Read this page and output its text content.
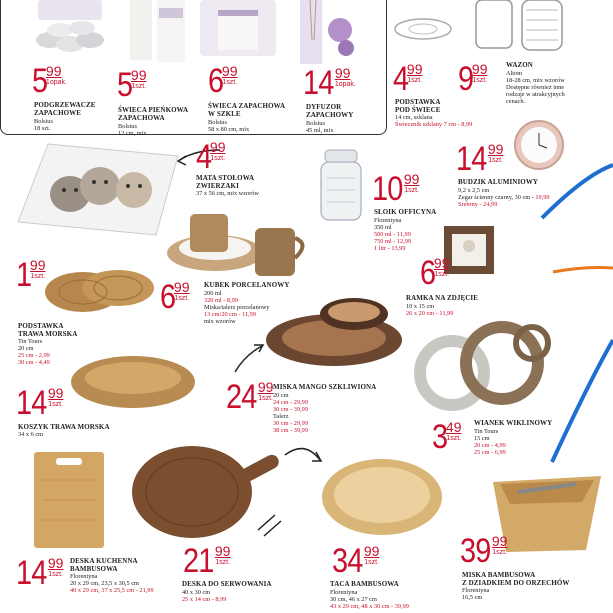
5
99
1opak.
PODGRZEWACZE
ZAPACHOWE
Bolsius
18 szt.
5
99
1szt.
ŚWIECA PIEŃKOWA
ZAPACHOWA
Bolsius
12 cm, mix
6
99
1szt.
ŚWIECA ZAPACHOWA
W SZKLE
Bolsius
58 x 80 cm, mix
14 99
1opak.
DYFUZOR
ZAPACHOWY
Bolsius
45 ml, mix
4
99
1szt.
PODSTAWKA
POD ŚWIECE
14 cm, szklana
Świecznik szklany 7 cm - 8,99
9
99
1szt.
WAZON
Altom
18-28 cm, mix wzorów
Dostępne również inne
rodzaje w atrakcyjnych
cenach.
4
99
1szt.
MATA STOŁOWA
ZWIERZAKI
37 x 56 cm, mix wzorów
14 99
1szt.
BUDZIK ALUMINIOWY
9,2 x 2,5 cm
Zegar ścienny czarny, 30 cm - 19,99
Srebrny - 24,99
10 99
1szt.
SŁOIK OFFICYNA
Florentyna
350 ml
500 ml - 11,99
750 ml - 12,99
1 litr - 13,99
1
99
1szt.
PODSTAWKA
TRAWA MORSKA
Tin Tours
20 cm
25 cm - 2,99
30 cm - 4,49
6
99
1szt.
KUBEK PORCELANOWY
200 ml
320 ml - 8,99
Miska/talerz porcelanowy
13 cm/20 cm - 11,99
mix wzorów
6
99
1szt.
RAMKA NA ZDJĘCIE
10 x 15 cm
26 x 20 cm - 11,99
14 99
1szt.
KOSZYK TRAWA MORSKA
34 x 6 cm
24 99
1szt.
MISKA MANGO SZKLIWIONA
20 cm
24 cm - 29,99
30 cm - 39,99
Talerz
30 cm - 29,99
38 cm - 39,99	3
49
1szt.
WIANEK WIKLINOWY
Tin Tours
15 cm
20 cm - 4,99
25 cm - 6,99
14 99
1szt.
DESKA KUCHENNA
BAMBUSOWA
Florentyna
20 x 29 cm, 23,5 x 30,5 cm
40 x 29 cm, 37 x 25,5 cm - 21,99
21 99
1szt.
DESKA DO SERWOWANIA
40 x 30 cm
25 x 14 cm - 8,99
34 99
1szt.
TACA BAMBUSOWA
Florentyna
30 cm, 46 x 27 cm
43 x 29 cm, 48 x 30 cm - 39,99
39 99
1szt.
MISKA BAMBUSOWA
Z DZIADKIEM DO ORZECHÓW
Florentyna
16,5 cm
